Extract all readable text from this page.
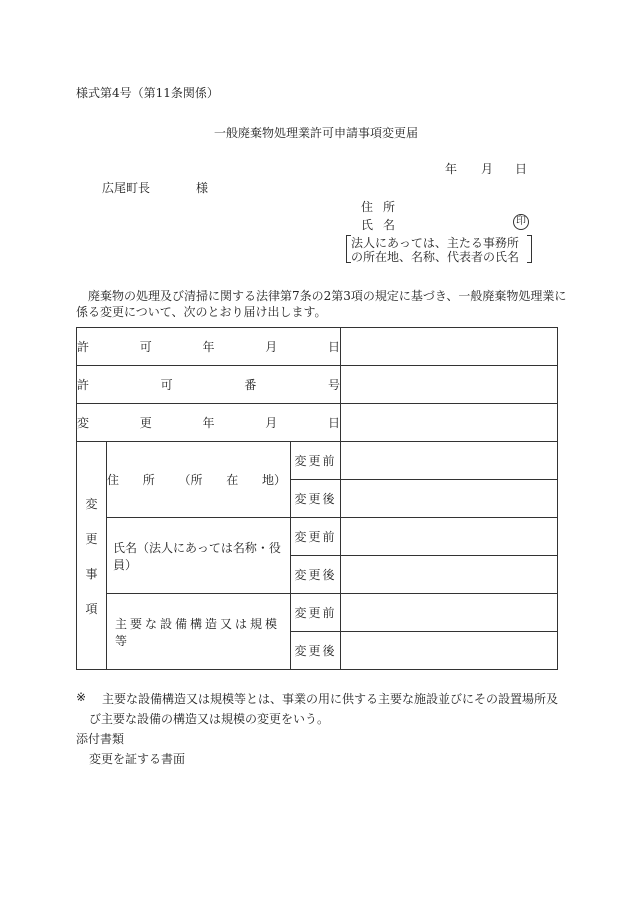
様式第4号（第11条関係）
一般廃棄物処理業許可申請事項変更届
年 月 日
広尾町長	様
住所
氏名	印
法人にあっては、主たる事務所
の所在地、名称、代表者の氏名
　廃棄物の処理及び清掃に関する法律第7条の2第3項の規定に基づき、一般廃棄物処理業に
係る変更について、次のとおり届け出します。
許 可 年 月 日			

許 可 番 号			

変 更 年 月 日			

変
更
事
項	住 所 （所 在 地）	変更前	
		変更後	
	氏名（法人にあっては名称・役員）	変更前	
		変更後	
	主要な設備構造又は規模等	変更前	
		変更後	
※ 主要な設備構造又は規模等とは、事業の用に供する主要な施設並びにその設置場所及
び主要な設備の構造又は規模の変更をいう。
添付書類
変更を証する書面
